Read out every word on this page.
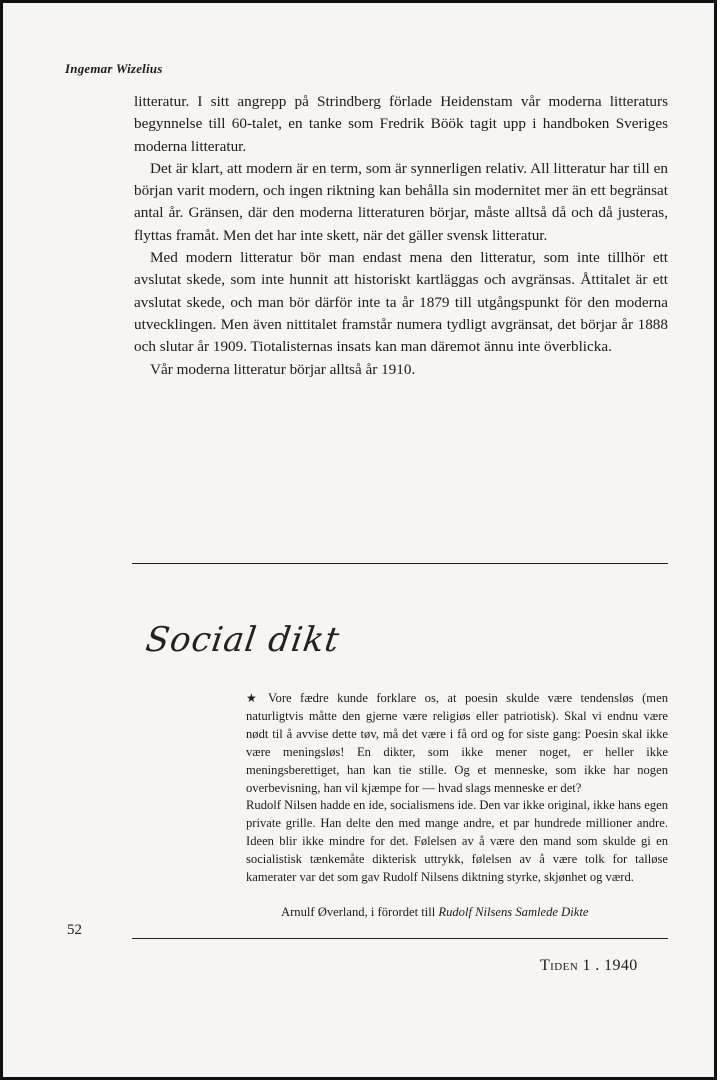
Ingemar Wizelius

litteratur. I sitt angrepp på Strindberg förlade Heidenstam vår moderna litteraturs begynnelse till 60-talet, en tanke som Fredrik Böök tagit upp i handboken Sveriges moderna litteratur.

Det är klart, att modern är en term, som är synnerligen relativ. All litteratur har till en början varit modern, och ingen riktning kan behålla sin modernitet mer än ett begränsat antal år. Gränsen, där den moderna litteraturen börjar, måste alltså då och då justeras, flyttas framåt. Men det har inte skett, när det gäller svensk litteratur.

Med modern litteratur bör man endast mena den litteratur, som inte tillhör ett avslutat skede, som inte hunnit att historiskt kartläggas och avgränsas. Åttitalet är ett avslutat skede, och man bör därför inte ta år 1879 till utgångspunkt för den moderna utvecklingen. Men även nittitalet framstår numera tydligt avgränsat, det börjar år 1888 och slutar år 1909. Tiotalisternas insats kan man däremot ännu inte överblicka.

Vår moderna litteratur börjar alltså år 1910.

Social dikt

★ Vore fædre kunde forklare os, at poesin skulde være tendensløs (men naturligtvis måtte den gjerne være religiøs eller patriotisk). Skal vi endnu være nødt til å avvise dette tøv, må det være i få ord og for siste gang: Poesin skal ikke være meningsløs! En dikter, som ikke mener noget, er heller ikke meningsberettiget, han kan tie stille. Og et menneske, som ikke har nogen overbevisning, han vil kjæmpe for — hvad slags menneske er det?

Rudolf Nilsen hadde en ide, socialismens ide. Den var ikke original, ikke hans egen private grille. Han delte den med mange andre, et par hundrede millioner andre. Ideen blir ikke mindre for det. Følelsen av å være den mand som skulde gi en socialistisk tænkemåte dikterisk uttrykk, følelsen av å være tolk for talløse kamerater var det som gav Rudolf Nilsens diktning styrke, skjønhet og værd.

Arnulf Øverland, i förordet till Rudolf Nilsens Samlede Dikte
52
Tiden 1 . 1940
